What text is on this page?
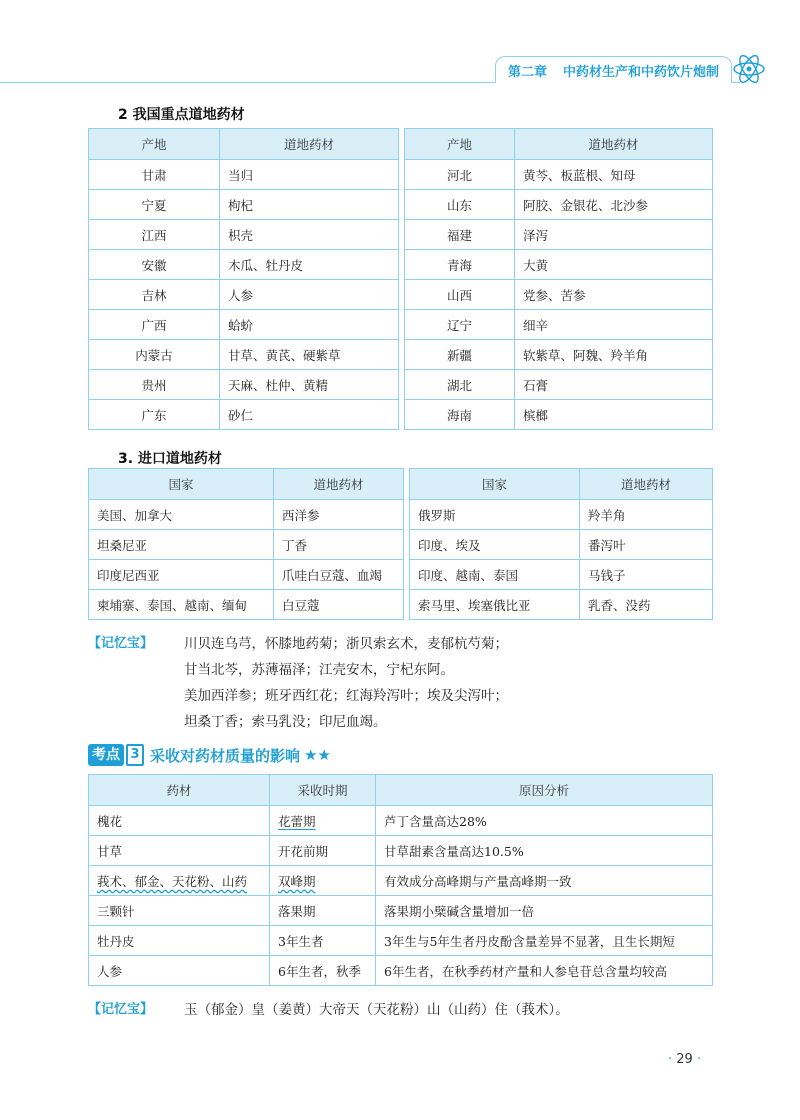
第二章 中药材生产和中药饮片炮制
2 我国重点道地药材
产地	道地药材		产地	道地药材
甘肃	当归		河北	黄芩、板蓝根、知母
宁夏	枸杞		山东	阿胶、金银花、北沙参
江西	枳壳		福建	泽泻
安徽	木瓜、牡丹皮		青海	大黄
吉林	人参		山西	党参、苦参
广西	蛤蚧		辽宁	细辛
内蒙古	甘草、黄芪、硬紫草		新疆	软紫草、阿魏、羚羊角
贵州	天麻、杜仲、黄精		湖北	石膏
广东	砂仁		海南	槟榔
3. 进口道地药材
国家	道地药材		国家	道地药材
美国、加拿大	西洋参		俄罗斯	羚羊角
坦桑尼亚	丁香		印度、埃及	番泻叶
印度尼西亚	爪哇白豆蔻、血竭		印度、越南、泰国	马钱子
柬埔寨、泰国、越南、缅甸	白豆蔻		索马里、埃塞俄比亚	乳香、没药
【记忆宝】 川贝连乌芎，怀膝地药菊；浙贝索玄术，麦郁杭芍菊；
甘当北芩，苏薄福泽；江壳安木，宁杞东阿。
美加西洋参；班牙西红花；红海羚泻叶；埃及尖泻叶；
坦桑丁香；索马乳没；印尼血竭。
考点 3 采收对药材质量的影响 ★★
药材	采收时期	原因分析
槐花	花蕾期	芦丁含量高达28%
甘草	开花前期	甘草甜素含量高达10.5%
莪术、郁金、天花粉、山药	双峰期	有效成分高峰期与产量高峰期一致
三颗针	落果期	落果期小檗碱含量增加一倍
牡丹皮	3年生者	3年生与5年生者丹皮酚含量差异不显著，且生长期短
人参	6年生者，秋季	6年生者，在秋季药材产量和人参皂苷总含量均较高
【记忆宝】 玉（郁金）皇（姜黄）大帝天（天花粉）山（山药）住（莪术）。
· 29 ·
